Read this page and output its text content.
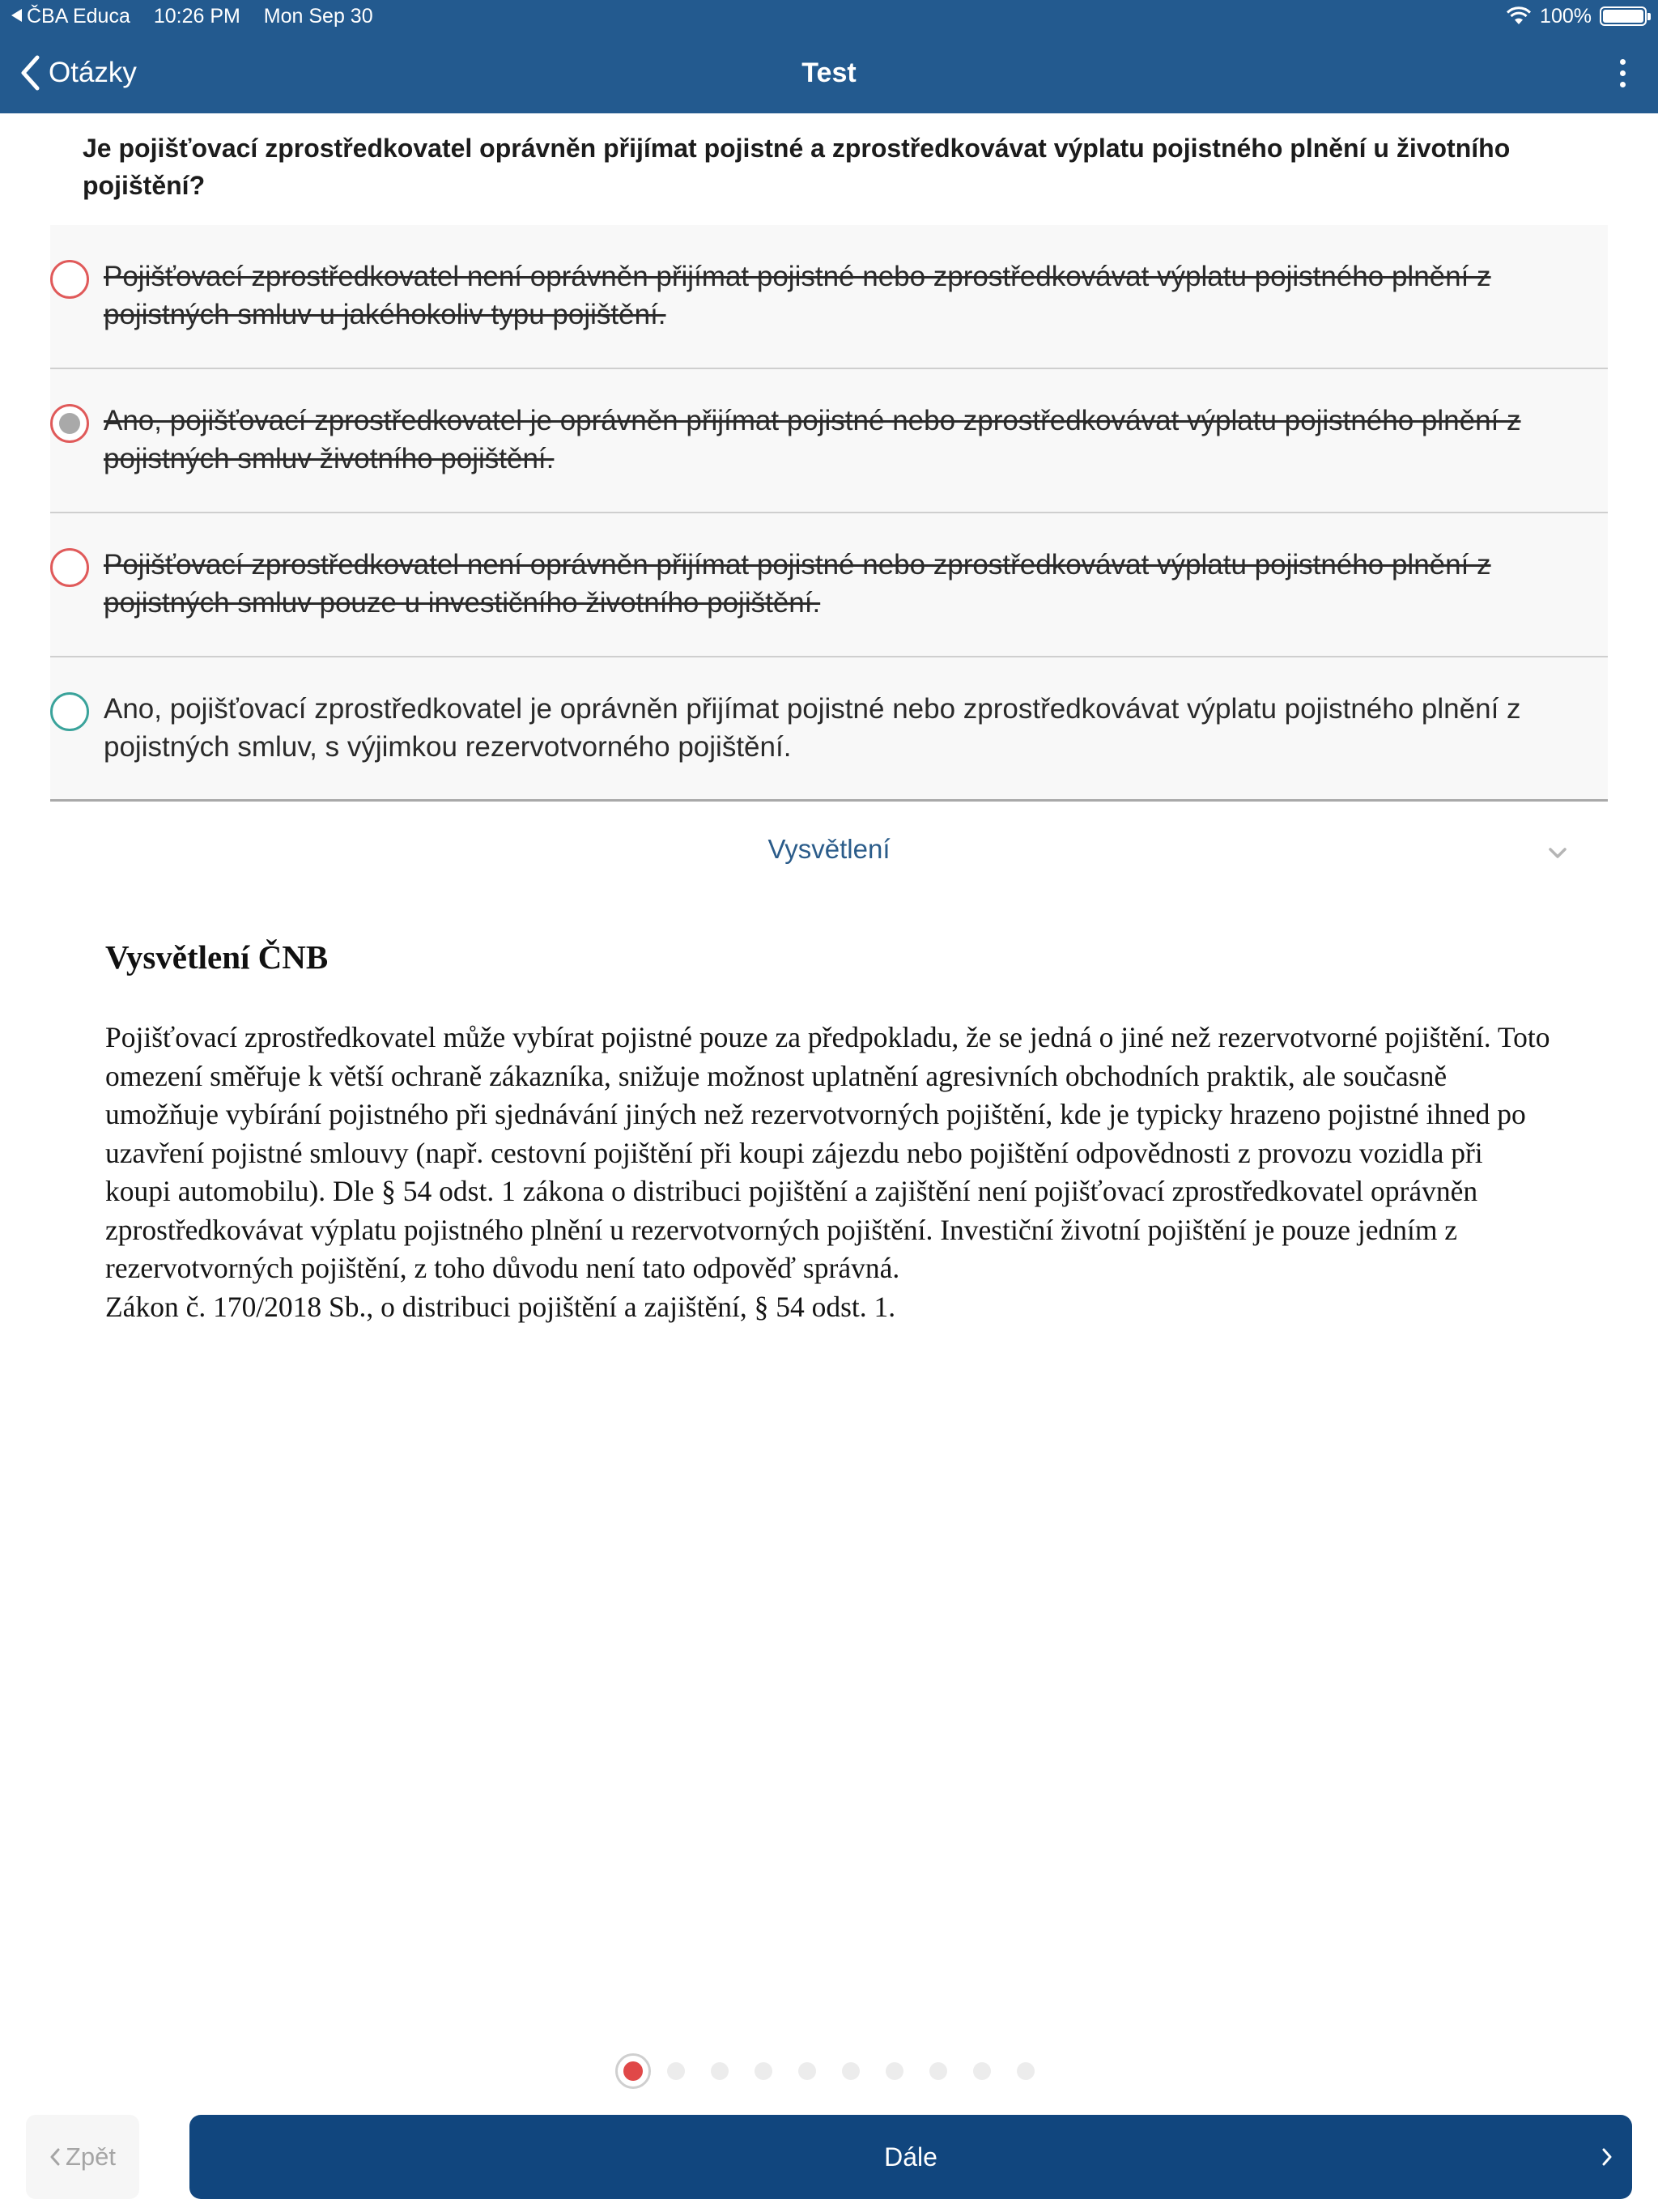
ČBA Educa 10:26 PM Mon Sep 30	100%
Otázky	Test
Je pojišťovací zprostředkovatel oprávněn přijímat pojistné a zprostředkovávat výplatu pojistného plnění u životního pojištění?
Pojišťovací zprostředkovatel není oprávněn přijímat pojistné nebo zprostředkovávat výplatu pojistného plnění z pojistných smluv u jakéhokoliv typu pojištění.
Ano, pojišťovací zprostředkovatel je oprávněn přijímat pojistné nebo zprostředkovávat výplatu pojistného plnění z pojistných smluv životního pojištění.
Pojišťovací zprostředkovatel není oprávněn přijímat pojistné nebo zprostředkovávat výplatu pojistného plnění z pojistných smluv pouze u investičního životního pojištění.
Ano, pojišťovací zprostředkovatel je oprávněn přijímat pojistné nebo zprostředkovávat výplatu pojistného plnění z pojistných smluv, s výjimkou rezervotvorného pojištění.
Vysvětlení
Vysvětlení ČNB

Pojišťovací zprostředkovatel může vybírat pojistné pouze za předpokladu, že se jedná o jiné než rezervotvorné pojištění. Toto omezení směřuje k větší ochraně zákazníka, snižuje možnost uplatnění agresivních obchodních praktik, ale současně umožňuje vybírání pojistného při sjednávání jiných než rezervotvorných pojištění, kde je typicky hrazeno pojistné ihned po uzavření pojistné smlouvy (např. cestovní pojištění při koupi zájezdu nebo pojištění odpovědnosti z provozu vozidla při koupi automobilu). Dle § 54 odst. 1 zákona o distribuci pojištění a zajištění není pojišťovací zprostředkovatel oprávněn zprostředkovávat výplatu pojistného plnění u rezervotvorných pojištění. Investiční životní pojištění je pouze jedním z rezervotvorných pojištění, z toho důvodu není tato odpověď správná.

Zákon č. 170/2018 Sb., o distribuci pojištění a zajištění, § 54 odst. 1.

Zpět	Dále
